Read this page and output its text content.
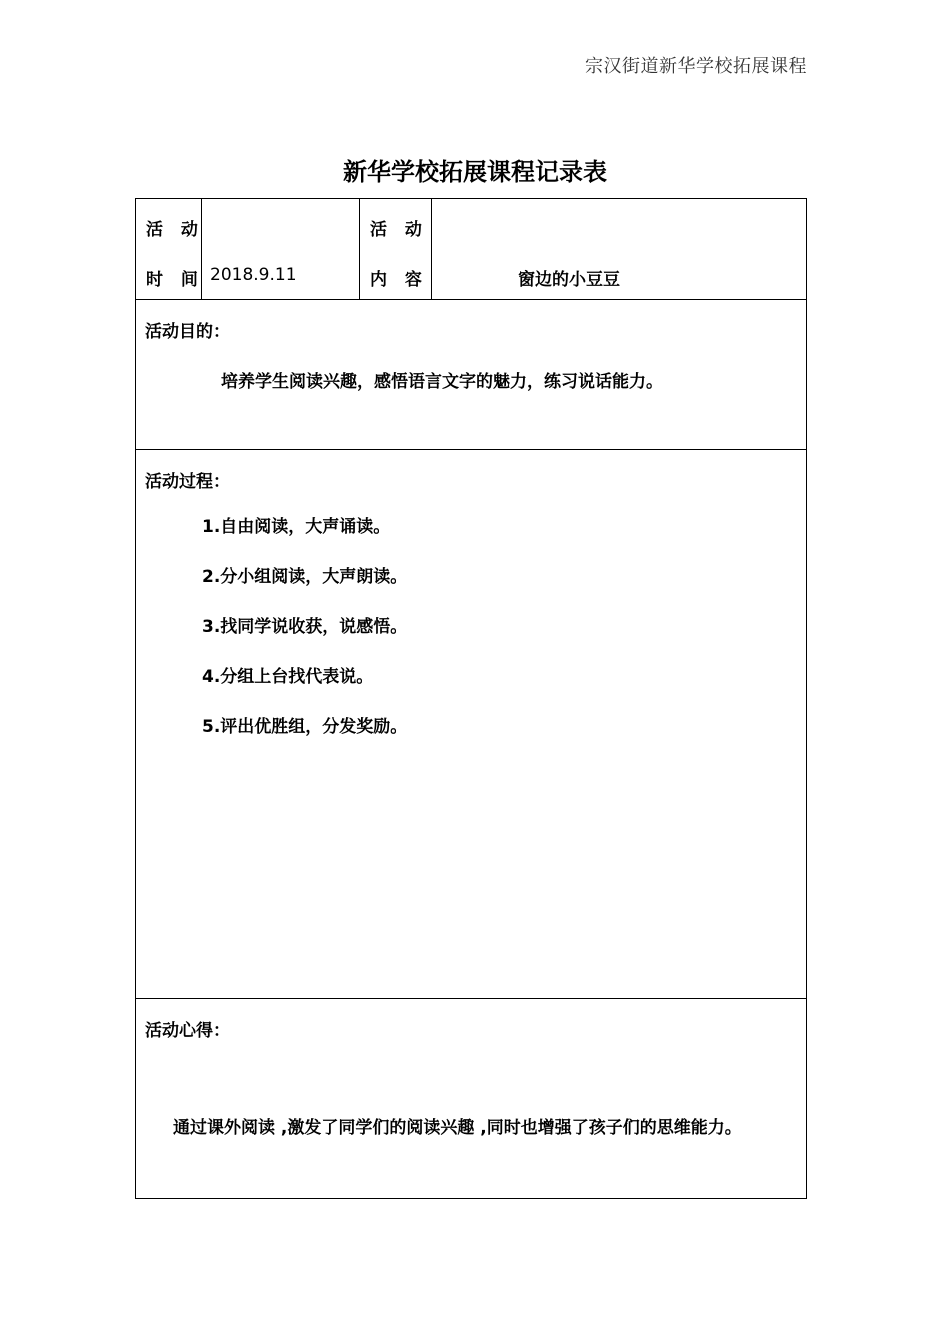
宗汉街道新华学校拓展课程
新华学校拓展课程记录表
活 动
时 间	2018.9.11

活 动
内 容	窗边的小豆豆

活动目的：
培养学生阅读兴趣，感悟语言文字的魅力，练习说话能力。

活动过程：
1.自由阅读，大声诵读。
2.分小组阅读，大声朗读。
3.找同学说收获，说感悟。
4.分组上台找代表说。
5.评出优胜组，分发奖励。

活动心得：
通过课外阅读 ,激发了同学们的阅读兴趣 ,同时也增强了孩子们的思维能力。
